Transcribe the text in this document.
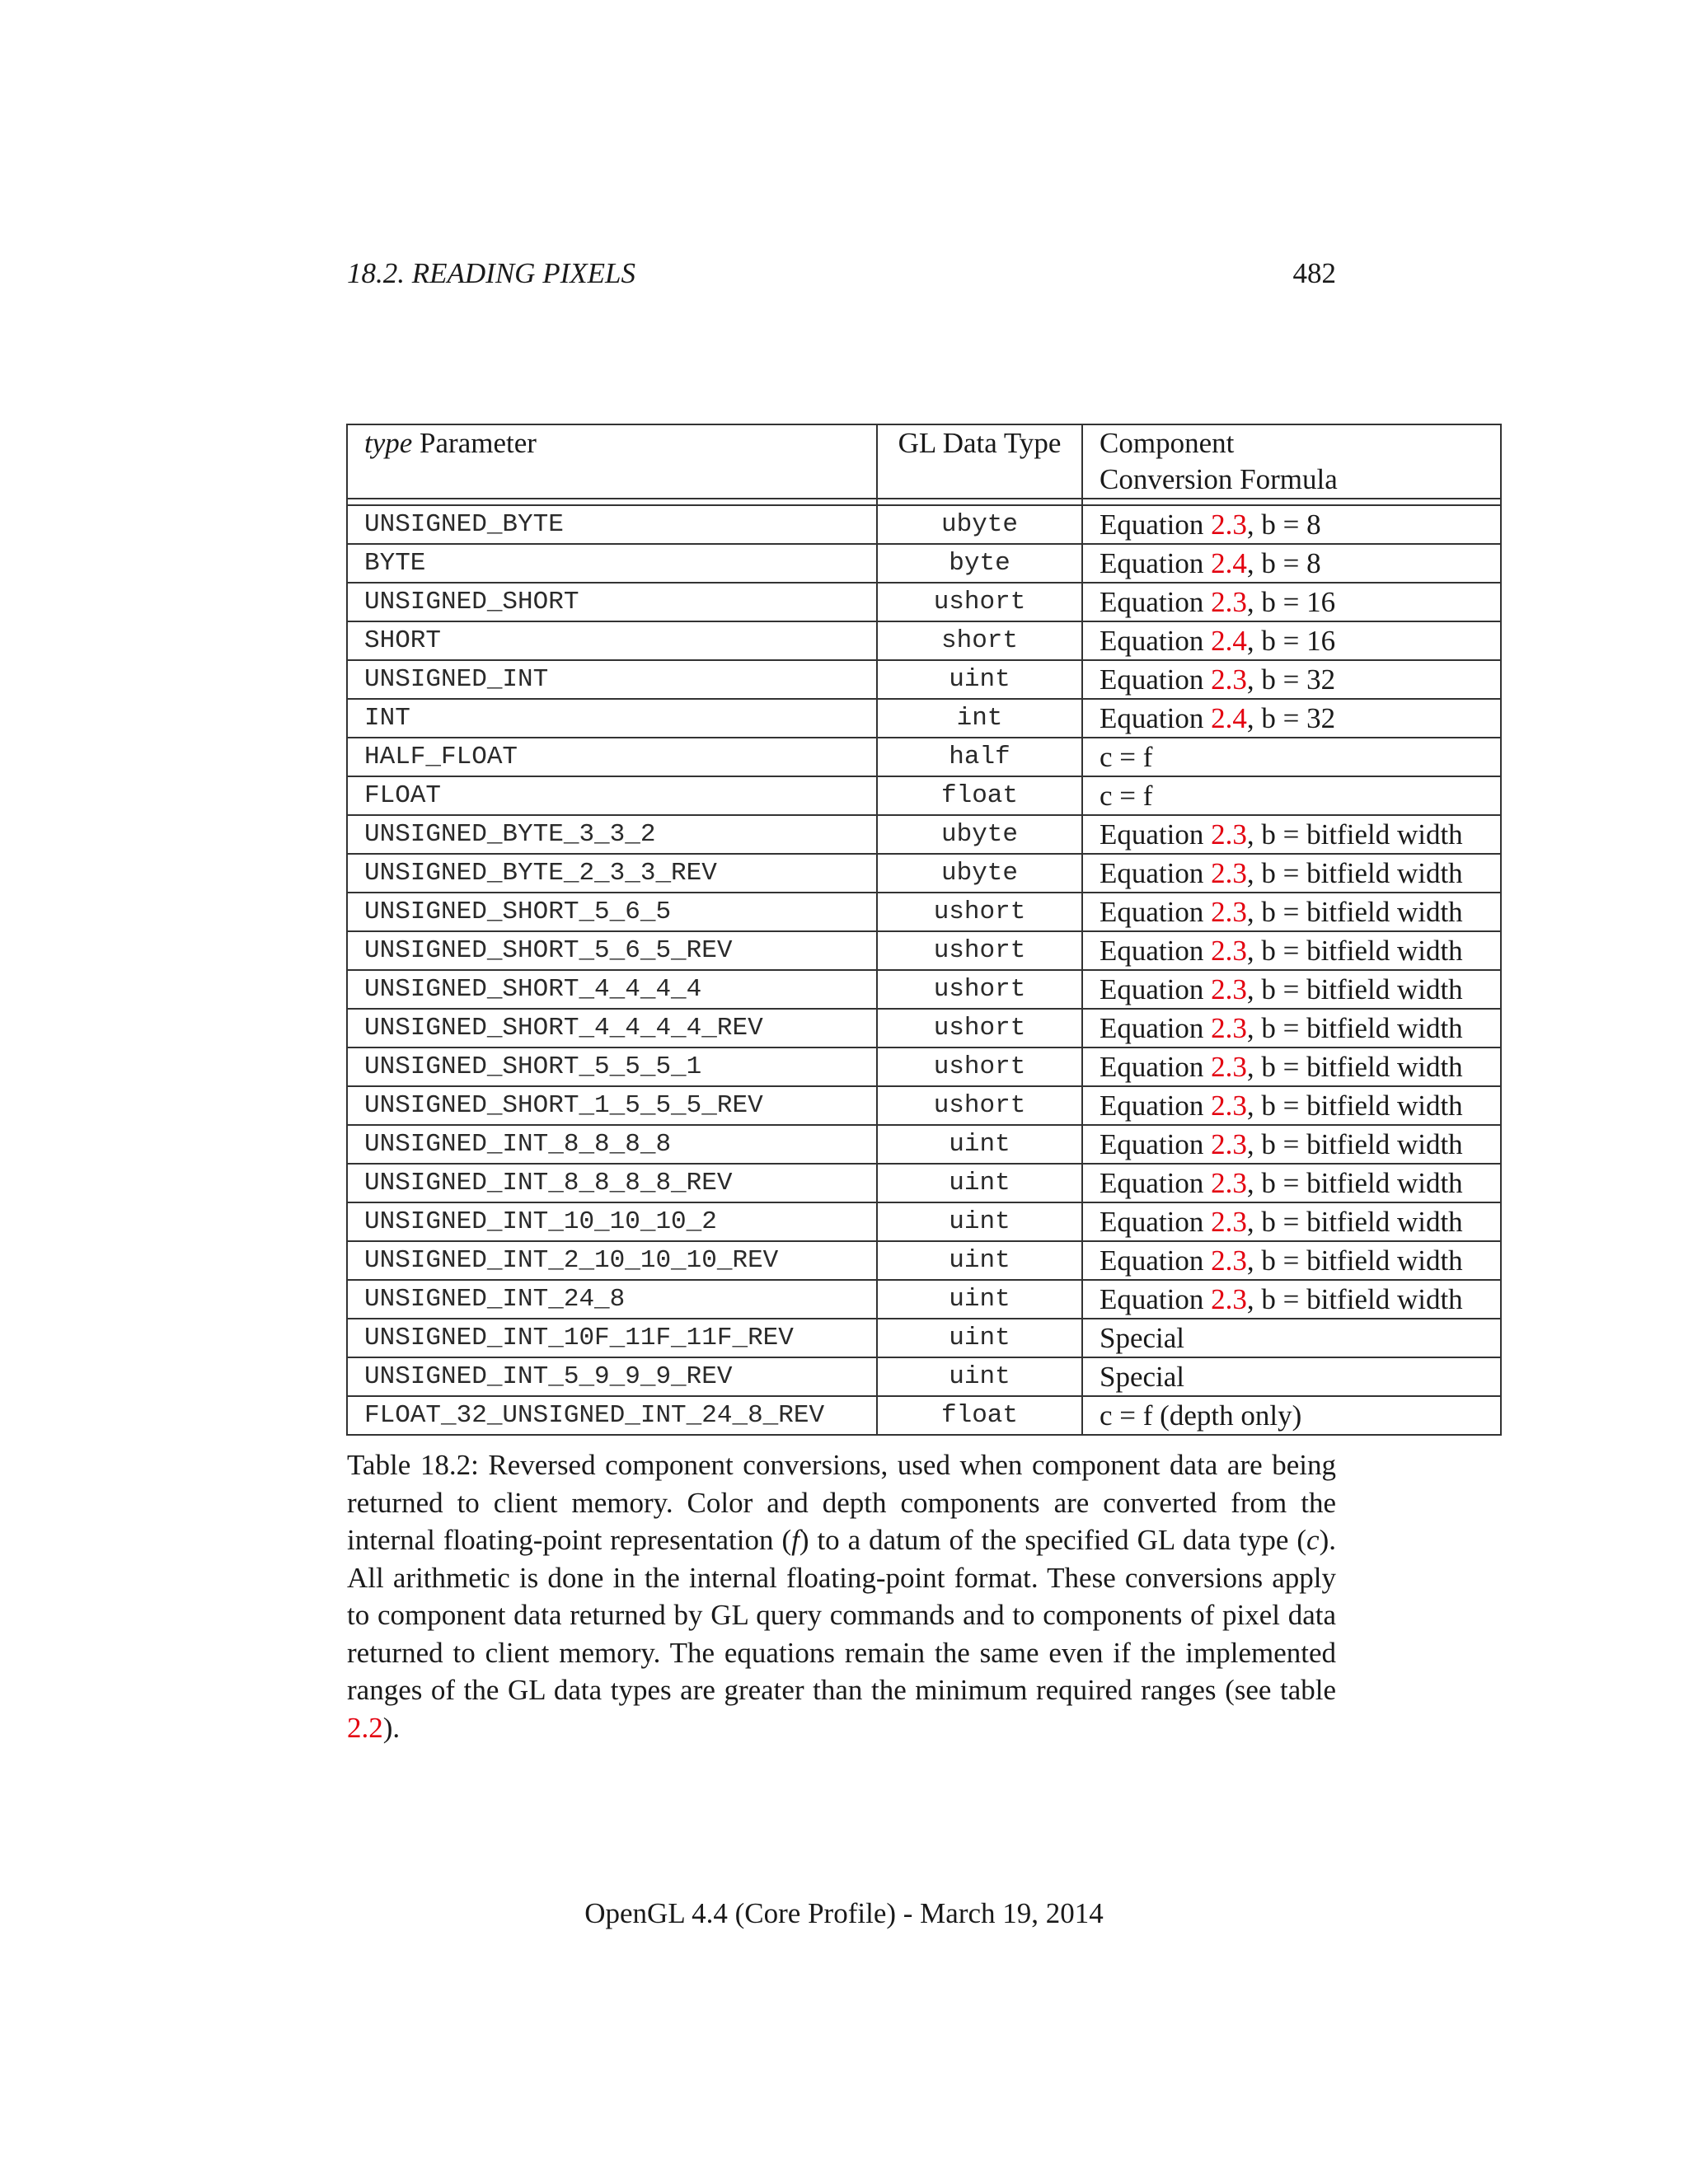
18.2. READING PIXELS	482
type Parameter	GL Data Type	Component
Conversion Formula

UNSIGNED_BYTE	ubyte	Equation 2.3, b = 8
BYTE	byte	Equation 2.4, b = 8
UNSIGNED_SHORT	ushort	Equation 2.3, b = 16
SHORT	short	Equation 2.4, b = 16
UNSIGNED_INT	uint	Equation 2.3, b = 32
INT	int	Equation 2.4, b = 32
HALF_FLOAT	half	c = f
FLOAT	float	c = f
UNSIGNED_BYTE_3_3_2	ubyte	Equation 2.3, b = bitfield width
UNSIGNED_BYTE_2_3_3_REV	ubyte	Equation 2.3, b = bitfield width
UNSIGNED_SHORT_5_6_5	ushort	Equation 2.3, b = bitfield width
UNSIGNED_SHORT_5_6_5_REV	ushort	Equation 2.3, b = bitfield width
UNSIGNED_SHORT_4_4_4_4	ushort	Equation 2.3, b = bitfield width
UNSIGNED_SHORT_4_4_4_4_REV	ushort	Equation 2.3, b = bitfield width
UNSIGNED_SHORT_5_5_5_1	ushort	Equation 2.3, b = bitfield width
UNSIGNED_SHORT_1_5_5_5_REV	ushort	Equation 2.3, b = bitfield width
UNSIGNED_INT_8_8_8_8	uint	Equation 2.3, b = bitfield width
UNSIGNED_INT_8_8_8_8_REV	uint	Equation 2.3, b = bitfield width
UNSIGNED_INT_10_10_10_2	uint	Equation 2.3, b = bitfield width
UNSIGNED_INT_2_10_10_10_REV	uint	Equation 2.3, b = bitfield width
UNSIGNED_INT_24_8	uint	Equation 2.3, b = bitfield width
UNSIGNED_INT_10F_11F_11F_REV	uint	Special
UNSIGNED_INT_5_9_9_9_REV	uint	Special
FLOAT_32_UNSIGNED_INT_24_8_REV	float	c = f (depth only)
Table 18.2: Reversed component conversions, used when component data are being returned to client memory. Color and depth components are converted from the internal floating-point representation (f) to a datum of the specified GL data type (c). All arithmetic is done in the internal floating-point format. These conversions apply to component data returned by GL query commands and to components of pixel data returned to client memory. The equations remain the same even if the implemented ranges of the GL data types are greater than the minimum required ranges (see table 2.2).
OpenGL 4.4 (Core Profile) - March 19, 2014
